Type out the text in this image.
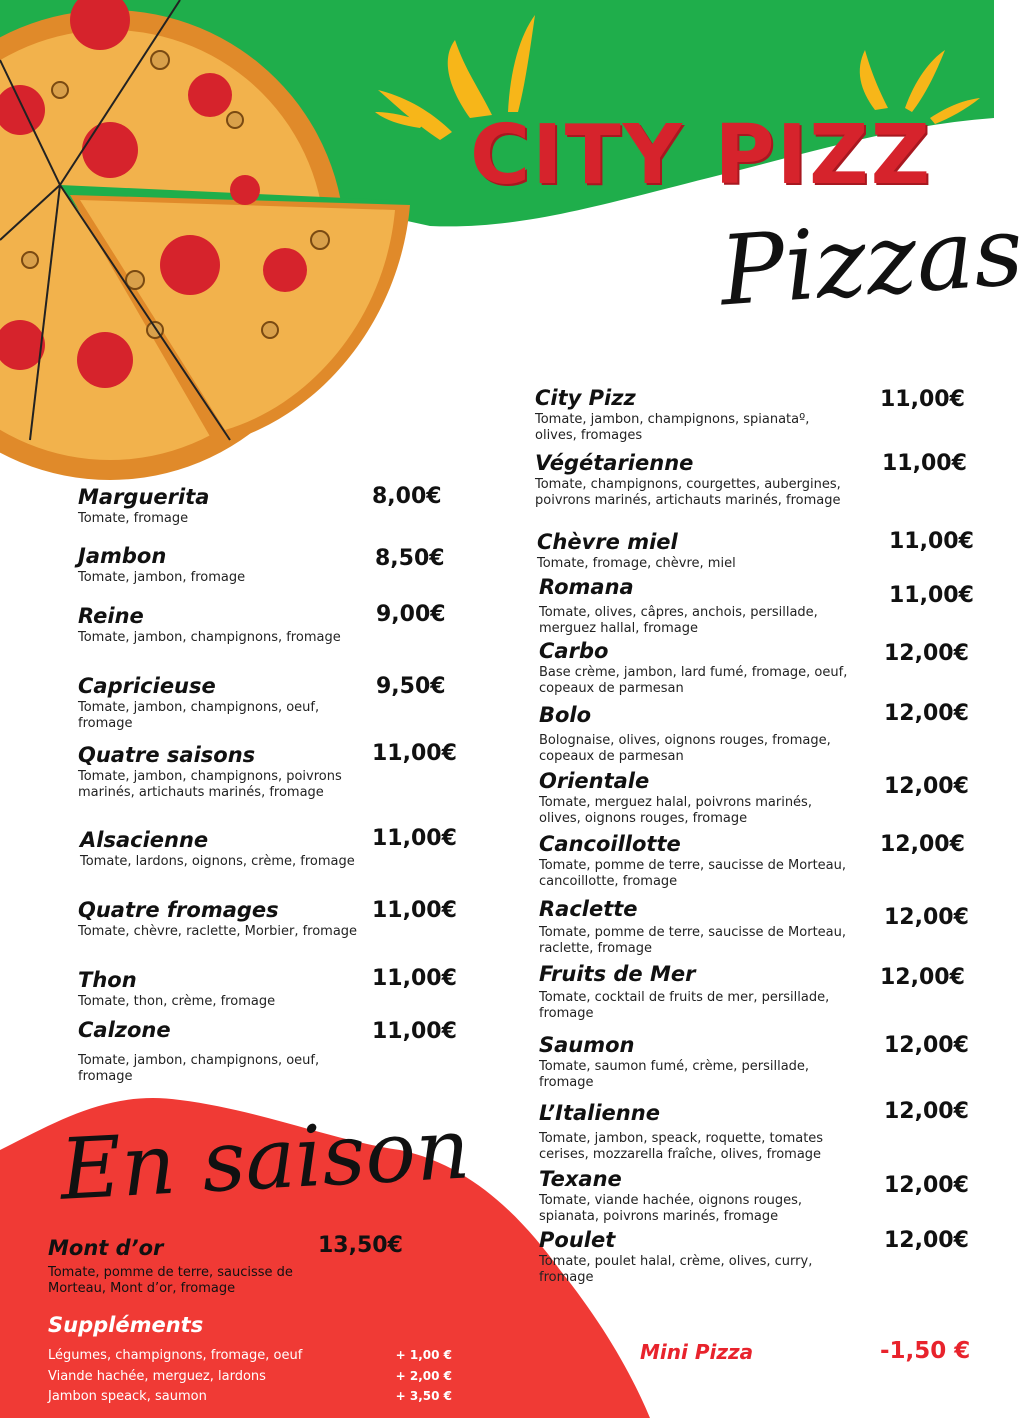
CITY PIZZ
Pizzas
Marguerita
Tomate, fromage
8,00€
Jambon
Tomate, jambon, fromage
8,50€
Reine
Tomate, jambon, champignons, fromage
9,00€
Capricieuse
Tomate, jambon, champignons, oeuf, fromage
9,50€
Quatre saisons
Tomate, jambon, champignons, poivrons marinés, artichauts marinés, fromage
11,00€
Alsacienne
Tomate, lardons, oignons, crème, fromage
11,00€
Quatre fromages
Tomate, chèvre, raclette, Morbier, fromage
11,00€
Thon
Tomate, thon, crème, fromage
11,00€
Calzone
Tomate, jambon, champignons, oeuf, fromage
11,00€
City Pizz
Tomate, jambon, champignons, spianataº, olives, fromages
11,00€
Végétarienne
Tomate, champignons, courgettes, aubergines, poivrons marinés, artichauts marinés, fromage
11,00€
Chèvre miel
Tomate, fromage, chèvre, miel
11,00€
Romana
Tomate, olives, câpres, anchois, persillade, merguez hallal, fromage
11,00€
Carbo
Base crème, jambon, lard fumé, fromage, oeuf, copeaux de parmesan
12,00€
Bolo
Bolognaise, olives, oignons rouges, fromage, copeaux de parmesan
12,00€
Orientale
Tomate, merguez halal, poivrons marinés, olives, oignons rouges, fromage
12,00€
Cancoillotte
Tomate, pomme de terre, saucisse de Morteau, cancoillotte, fromage
12,00€
Raclette
Tomate, pomme de terre, saucisse de Morteau, raclette, fromage
12,00€
Fruits de Mer
Tomate, cocktail de fruits de mer, persillade, fromage
12,00€
Saumon
Tomate, saumon fumé, crème, persillade, fromage
12,00€
L’Italienne
Tomate, jambon, speack, roquette, tomates cerises, mozzarella fraîche, olives, fromage
12,00€
Texane
Tomate, viande hachée, oignons rouges, spianata, poivrons marinés, fromage
12,00€
Poulet
Tomate, poulet halal, crème, olives, curry, fromage
12,00€
En saison
Mont d’or
Tomate, pomme de terre, saucisse de Morteau, Mont d’or, fromage
13,50€
Suppléments
Légumes, champignons, fromage, oeuf	+ 1,00 €
Viande hachée, merguez, lardons	+ 2,00 €
Jambon speack, saumon	+ 3,50 €
Mini Pizza	-1,50 €
